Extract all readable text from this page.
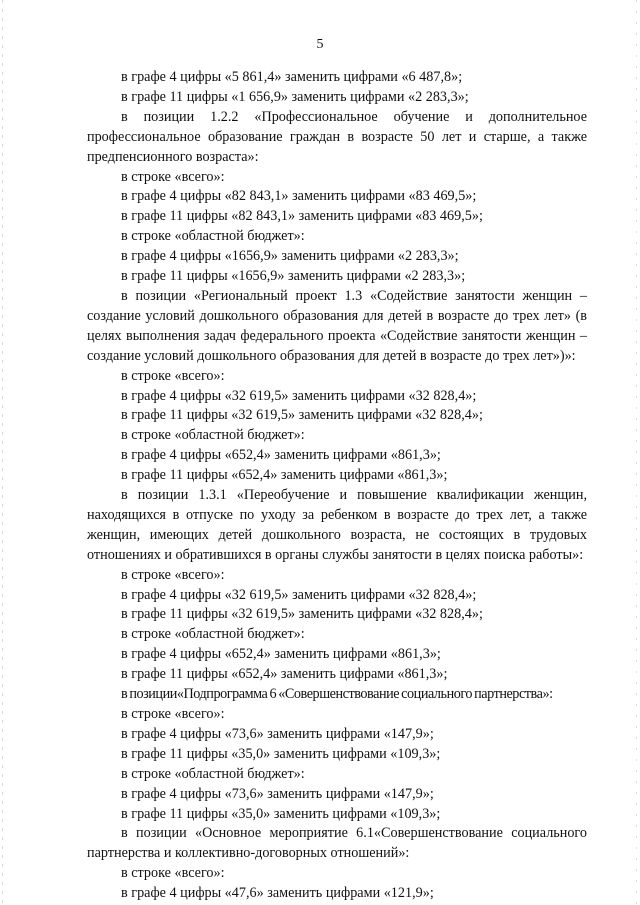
5

в графе 4 цифры «5 861,4» заменить цифрами «6 487,8»;

в графе 11 цифры «1 656,9» заменить цифрами «2 283,3»;

в позиции 1.2.2 «Профессиональное обучение и дополнительное профессиональное образование граждан в возрасте 50 лет и старше, а также предпенсионного возраста»:

в строке «всего»:

в графе 4 цифры «82 843,1» заменить цифрами «83 469,5»;

в графе 11 цифры «82 843,1» заменить цифрами «83 469,5»;

в строке «областной бюджет»:

в графе 4 цифры «1656,9» заменить цифрами «2 283,3»;

в графе 11 цифры «1656,9» заменить цифрами «2 283,3»;

в позиции «Региональный проект 1.3 «Содействие занятости женщин – создание условий дошкольного образования для детей в возрасте до трех лет» (в целях выполнения задач федерального проекта «Содействие занятости женщин – создание условий дошкольного образования для детей в возрасте до трех лет»)»:

в строке «всего»:

в графе 4 цифры «32 619,5» заменить цифрами «32 828,4»;

в графе 11 цифры «32 619,5» заменить цифрами «32 828,4»;

в строке «областной бюджет»:

в графе 4 цифры «652,4» заменить цифрами «861,3»;

в графе 11 цифры «652,4» заменить цифрами «861,3»;

в позиции 1.3.1 «Переобучение и повышение квалификации женщин, находящихся в отпуске по уходу за ребенком в возрасте до трех лет, а также женщин, имеющих детей дошкольного возраста, не состоящих в трудовых отношениях и обратившихся в органы службы занятости в целях поиска работы»:

в строке «всего»:

в графе 4 цифры «32 619,5» заменить цифрами «32 828,4»;

в графе 11 цифры «32 619,5» заменить цифрами «32 828,4»;

в строке «областной бюджет»:

в графе 4 цифры «652,4» заменить цифрами «861,3»;

в графе 11 цифры «652,4» заменить цифрами «861,3»;

в позиции«Подпрограмма 6 «Совершенствование социального партнерства»:

в строке «всего»:

в графе 4 цифры «73,6» заменить цифрами «147,9»;

в графе 11 цифры «35,0» заменить цифрами «109,3»;

в строке «областной бюджет»:

в графе 4 цифры «73,6» заменить цифрами «147,9»;

в графе 11 цифры «35,0» заменить цифрами «109,3»;

в позиции «Основное мероприятие 6.1«Совершенствование социального партнерства и коллективно-договорных отношений»:

в строке «всего»:

в графе 4 цифры «47,6» заменить цифрами «121,9»;
